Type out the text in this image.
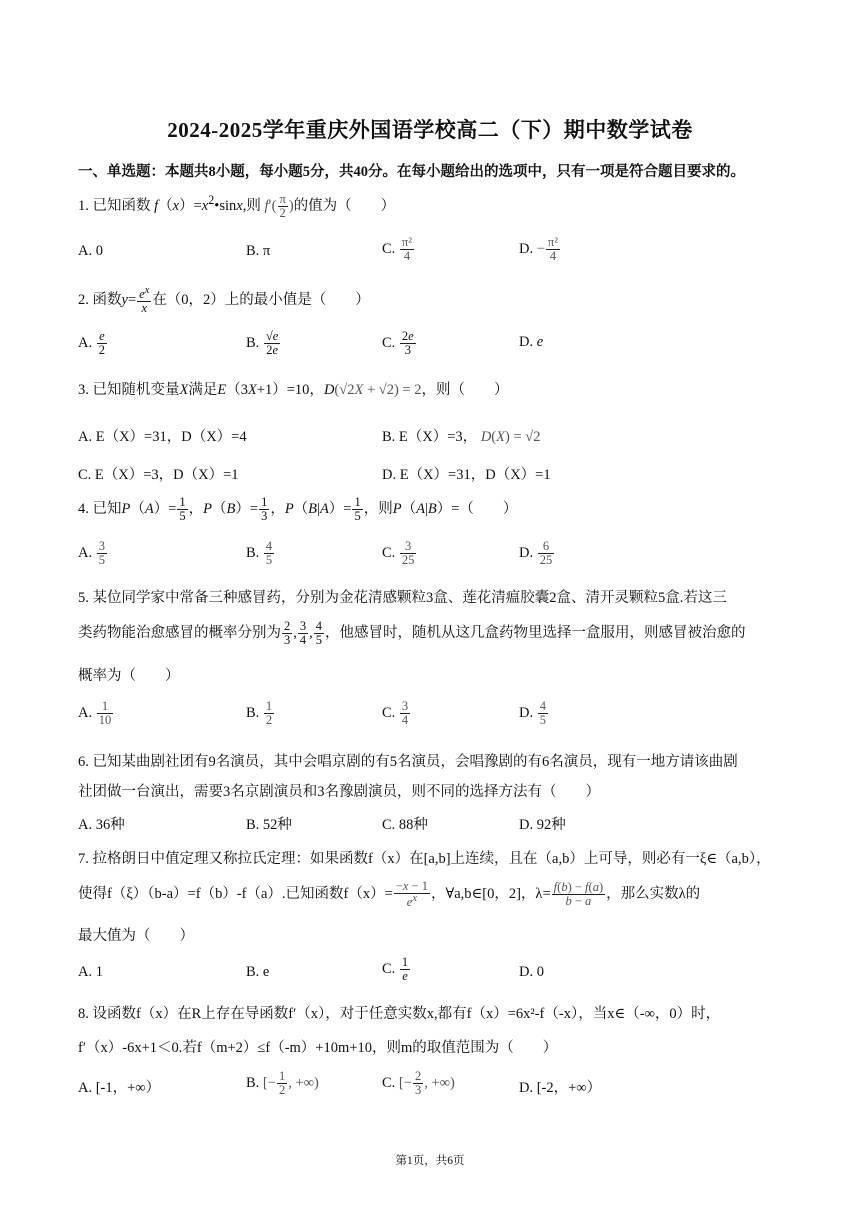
2024-2025学年重庆外国语学校高二（下）期中数学试卷
一、单选题：本题共8小题，每小题5分，共40分。在每小题给出的选项中，只有一项是符合题目要求的。
1. 已知函数 $f(x)=x^2•\sin x$,则 $f'( \frac{\pi}{2}$ )的值为（　　）
A. 0	B. π	C. $\frac{\text{π²}}{4}$	D. − $\frac{\text{π²}}{4}$
2. 函数$y= \frac{e^x}{x}$ 在（0，2）上的最小值是（　　）
A. $\frac{e}{2}$	B. $\frac{√e}{2e}$	C. $\frac{2e}{3}$	D. e
3. 已知随机变量X满足E（3X+1）=10，D(√2X + √2) = 2，则（　　）
A. E（X）=31，D（X）=4	B. E（X）=3， D(X) = √2
C. E（X）=3，D（X）=1	D. E（X）=31，D（X）=1
4. 已知$P(A)= \frac{1}{5}$ ，$P(B)= \frac{1}{3}$ ，$P(B|A)= \frac{1}{5}$ ，则P（A|B）=（　　）
A. $\frac{3}{5}$	B. $\frac{4}{5}$	C. $\frac{3}{25}$	D. $\frac{6}{25}$
5. 某位同学家中常备三种感冒药，分别为金花清感颗粒3盒、莲花清瘟胶囊2盒、清开灵颗粒5盒.若这三
类药物能治愈感冒的概率分别为 $\frac{2}{3}$ , $\frac{3}{4}$ , $\frac{4}{5}$ ，他感冒时，随机从这几盒药物里选择一盒服用，则感冒被治愈的
概率为（　　）
A. $\frac{1}{10}$	B. $\frac{1}{2}$	C. $\frac{3}{4}$	D. $\frac{4}{5}$
6. 已知某曲剧社团有9名演员，其中会唱京剧的有5名演员，会唱豫剧的有6名演员，现有一地方请该曲剧
社团做一台演出，需要3名京剧演员和3名豫剧演员，则不同的选择方法有（　　）
A. 36种	B. 52种	C. 88种	D. 92种
7. 拉格朗日中值定理又称拉氏定理：如果函数f（x）在[a,b]上连续，且在（a,b）上可导，则必有一ξ∈（a,b），
使得f（ξ）（b-a）=f（b）-f（a）.已知函数$f(x)= \frac{-x - 1}{e^x}$ ，∀a,b∈[0，2]，$\lambda= \frac{f(b) - f(a)}{b - a}$ ，那么实数λ的
最大值为（　　）
A. 1	B. e	C. $\frac{1}{e}$	D. 0
8. 设函数f（x）在R上存在导函数f′（x），对于任意实数x,都有f（x）=6x²-f（-x），当x∈（-∞，0）时，
f′（x）-6x+1＜0.若f（m+2）≤f（-m）+10m+10，则m的取值范围为（　　）
A. [-1，+∞）	B. [− $\frac{1}{2}$ , +∞)	C. [− $\frac{2}{3}$ , +∞)	D. [-2，+∞）
第1页，共6页
